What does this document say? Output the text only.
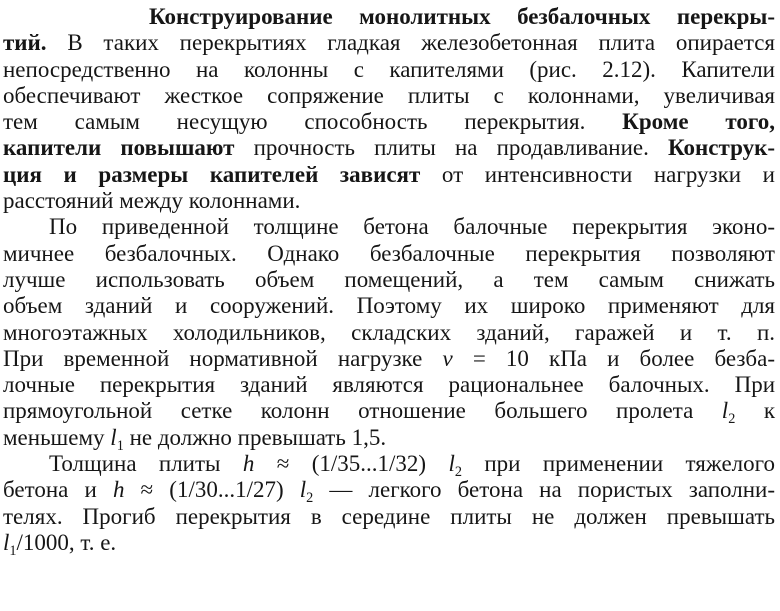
Конструирование монолитных безбалочных перекры-
тий. В таких перекрытиях гладкая железобетонная плита опирается
непосредственно на колонны с капителями (рис. 2.12). Капители
обеспечивают жесткое сопряжение плиты с колоннами, увеличивая
тем самым несущую способность перекрытия. Кроме того,
капители повышают прочность плиты на продавливание. Конструк-
ция и размеры капителей зависят от интенсивности нагрузки и
расстояний между колоннами.
По приведенной толщине бетона балочные перекрытия эконо-
мичнее безбалочных. Однако безбалочные перекрытия позволяют
лучше использовать объем помещений, а тем самым снижать
объем зданий и сооружений. Поэтому их широко применяют для
многоэтажных холодильников, складских зданий, гаражей и т. п.
При временной нормативной нагрузке v = 10 кПа и более безба-
лочные перекрытия зданий являются рациональнее балочных. При
прямоугольной сетке колонн отношение большего пролета $l_2$ к
меньшему $l_1$ не должно превышать 1,5.
Толщина плиты h ≈ (1/35...1/32) $l_2$ при применении тяжелого
бетона и h ≈ (1/30...1/27) $l_2$ — легкого бетона на пористых заполни-
телях. Прогиб перекрытия в середине плиты не должен превышать
$l_1/1000$, т. е.
